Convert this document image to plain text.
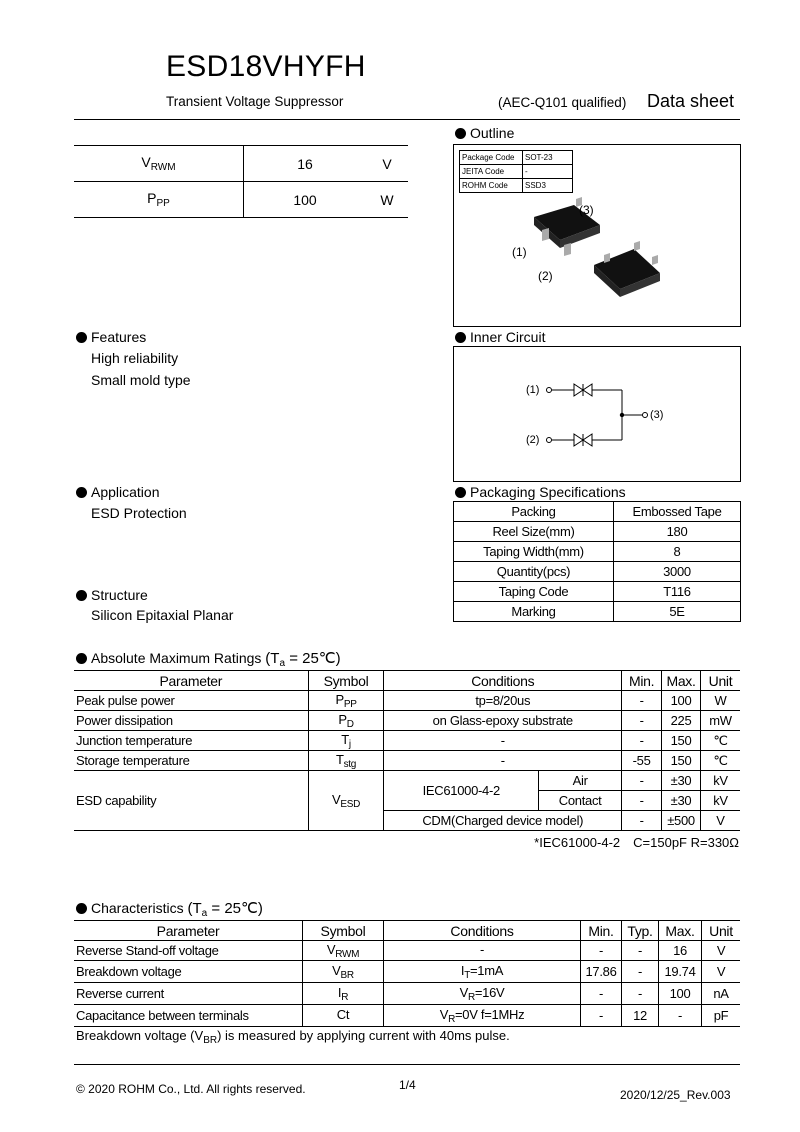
ESD18VHYFH
Transient Voltage Suppressor	(AEC-Q101 qualified) Data sheet
$V_{RWM}$	16	V
$P_{PP}$	100	W
Outline
Package Code	SOT-23
JEITA Code	-
ROHM Code	SSD3
(3)
(1)
(2)
Features
High reliability
Small mold type
Inner Circuit
(1)
(2)
(3)
Application
ESD Protection
Structure
Silicon Epitaxial Planar
Packaging Specifications
Packing	Embossed Tape
Reel Size(mm)	180
Taping Width(mm)	8
Quantity(pcs)	3000
Taping Code	T116
Marking	5E
Absolute Maximum Ratings ($T_a$ = 25℃)
Parameter	Symbol	Conditions		Min.	Max.	Unit
Peak pulse power	$P_{PP}$	tp=8/20us		-	100	W
Power dissipation	$P_D$	on Glass-epoxy substrate		-	225	mW
Junction temperature	$T_j$	-		-	150	℃
Storage temperature	$T_{stg}$	-		-55	150	℃
ESD capability	$V_{ESD}$	IEC61000-4-2	Air	-	±30	kV
			Contact	-	±30	kV
		CDM(Charged device model)		-	±500	V
*IEC61000-4-2　C=150pF R=330Ω
Characteristics ($T_a$ = 25℃)
Parameter	Symbol	Conditions	Min.	Typ.	Max.	Unit
Reverse Stand-off voltage	$V_{RWM}$	-	-	-	16	V
Breakdown voltage	$V_{BR}$	$I_T=1mA$	17.86	-	19.74	V
Reverse current	$I_R$	$V_R=16V$	-	-	100	nA
Capacitance between terminals	Ct	$V_R=0V$ f=1MHz	-	12	-	pF
Breakdown voltage $(V_{BR})$ is measured by applying current with 40ms pulse.
© 2020 ROHM Co., Ltd. All rights reserved.	1/4
2020/12/25_Rev.003
